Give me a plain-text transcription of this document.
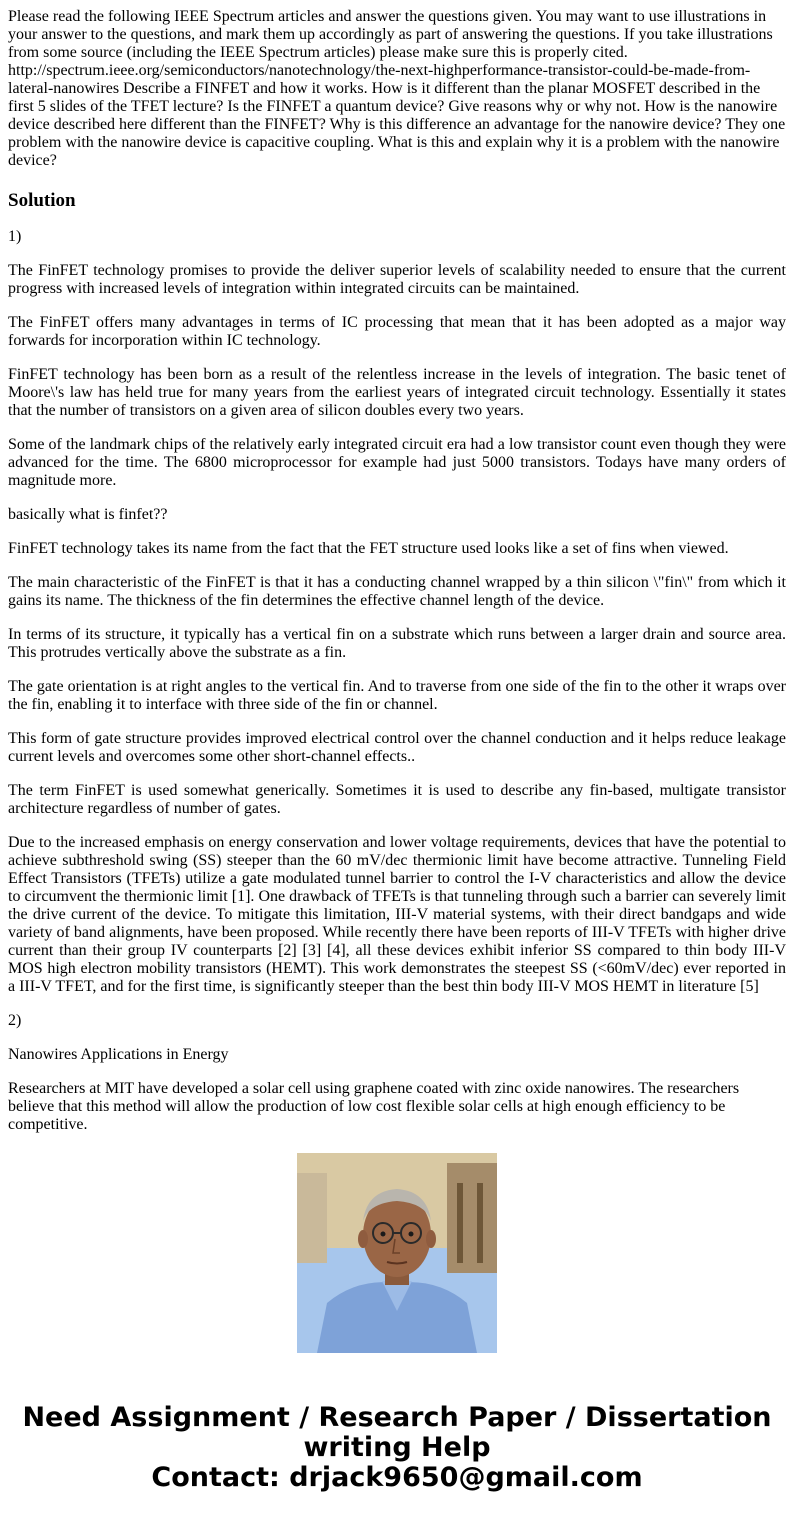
Please read the following IEEE Spectrum articles and answer the questions given. You may want to use illustrations in your answer to the questions, and mark them up accordingly as part of answering the questions. If you take illustrations from some source (including the IEEE Spectrum articles) please make sure this is properly cited. http://spectrum.ieee.org/semiconductors/nanotechnology/the-next-highperformance-transistor-could-be-made-from-lateral-nanowires Describe a FINFET and how it works. How is it different than the planar MOSFET described in the first 5 slides of the TFET lecture? Is the FINFET a quantum device? Give reasons why or why not. How is the nanowire device described here different than the FINFET? Why is this difference an advantage for the nanowire device? They one problem with the nanowire device is capacitive coupling. What is this and explain why it is a problem with the nanowire device?
Solution
1)
The FinFET technology promises to provide the deliver superior levels of scalability needed to ensure that the current progress with increased levels of integration within integrated circuits can be maintained.
The FinFET offers many advantages in terms of IC processing that mean that it has been adopted as a major way forwards for incorporation within IC technology.
FinFET technology has been born as a result of the relentless increase in the levels of integration. The basic tenet of Moore\'s law has held true for many years from the earliest years of integrated circuit technology. Essentially it states that the number of transistors on a given area of silicon doubles every two years.
Some of the landmark chips of the relatively early integrated circuit era had a low transistor count even though they were advanced for the time. The 6800 microprocessor for example had just 5000 transistors. Todays have many orders of magnitude more.
basically what is finfet??
FinFET technology takes its name from the fact that the FET structure used looks like a set of fins when viewed.
The main characteristic of the FinFET is that it has a conducting channel wrapped by a thin silicon \"fin\" from which it gains its name. The thickness of the fin determines the effective channel length of the device.
In terms of its structure, it typically has a vertical fin on a substrate which runs between a larger drain and source area. This protrudes vertically above the substrate as a fin.
The gate orientation is at right angles to the vertical fin. And to traverse from one side of the fin to the other it wraps over the fin, enabling it to interface with three side of the fin or channel.
This form of gate structure provides improved electrical control over the channel conduction and it helps reduce leakage current levels and overcomes some other short-channel effects..
The term FinFET is used somewhat generically. Sometimes it is used to describe any fin-based, multigate transistor architecture regardless of number of gates.
Due to the increased emphasis on energy conservation and lower voltage requirements, devices that have the potential to achieve subthreshold swing (SS) steeper than the 60 mV/dec thermionic limit have become attractive. Tunneling Field Effect Transistors (TFETs) utilize a gate modulated tunnel barrier to control the I-V characteristics and allow the device to circumvent the thermionic limit [1]. One drawback of TFETs is that tunneling through such a barrier can severely limit the drive current of the device. To mitigate this limitation, III-V material systems, with their direct bandgaps and wide variety of band alignments, have been proposed. While recently there have been reports of III-V TFETs with higher drive current than their group IV counterparts [2] [3] [4], all these devices exhibit inferior SS compared to thin body III-V MOS high electron mobility transistors (HEMT). This work demonstrates the steepest SS (<60mV/dec) ever reported in a III-V TFET, and for the first time, is significantly steeper than the best thin body III-V MOS HEMT in literature [5]
2)
Nanowires Applications in Energy
Researchers at MIT have developed a solar cell using graphene coated with zinc oxide nanowires. The researchers believe that this method will allow the production of low cost flexible solar cells at high enough efficiency to be competitive.
Need Assignment / Research Paper / Dissertation
writing Help
Contact: drjack9650@gmail.com
